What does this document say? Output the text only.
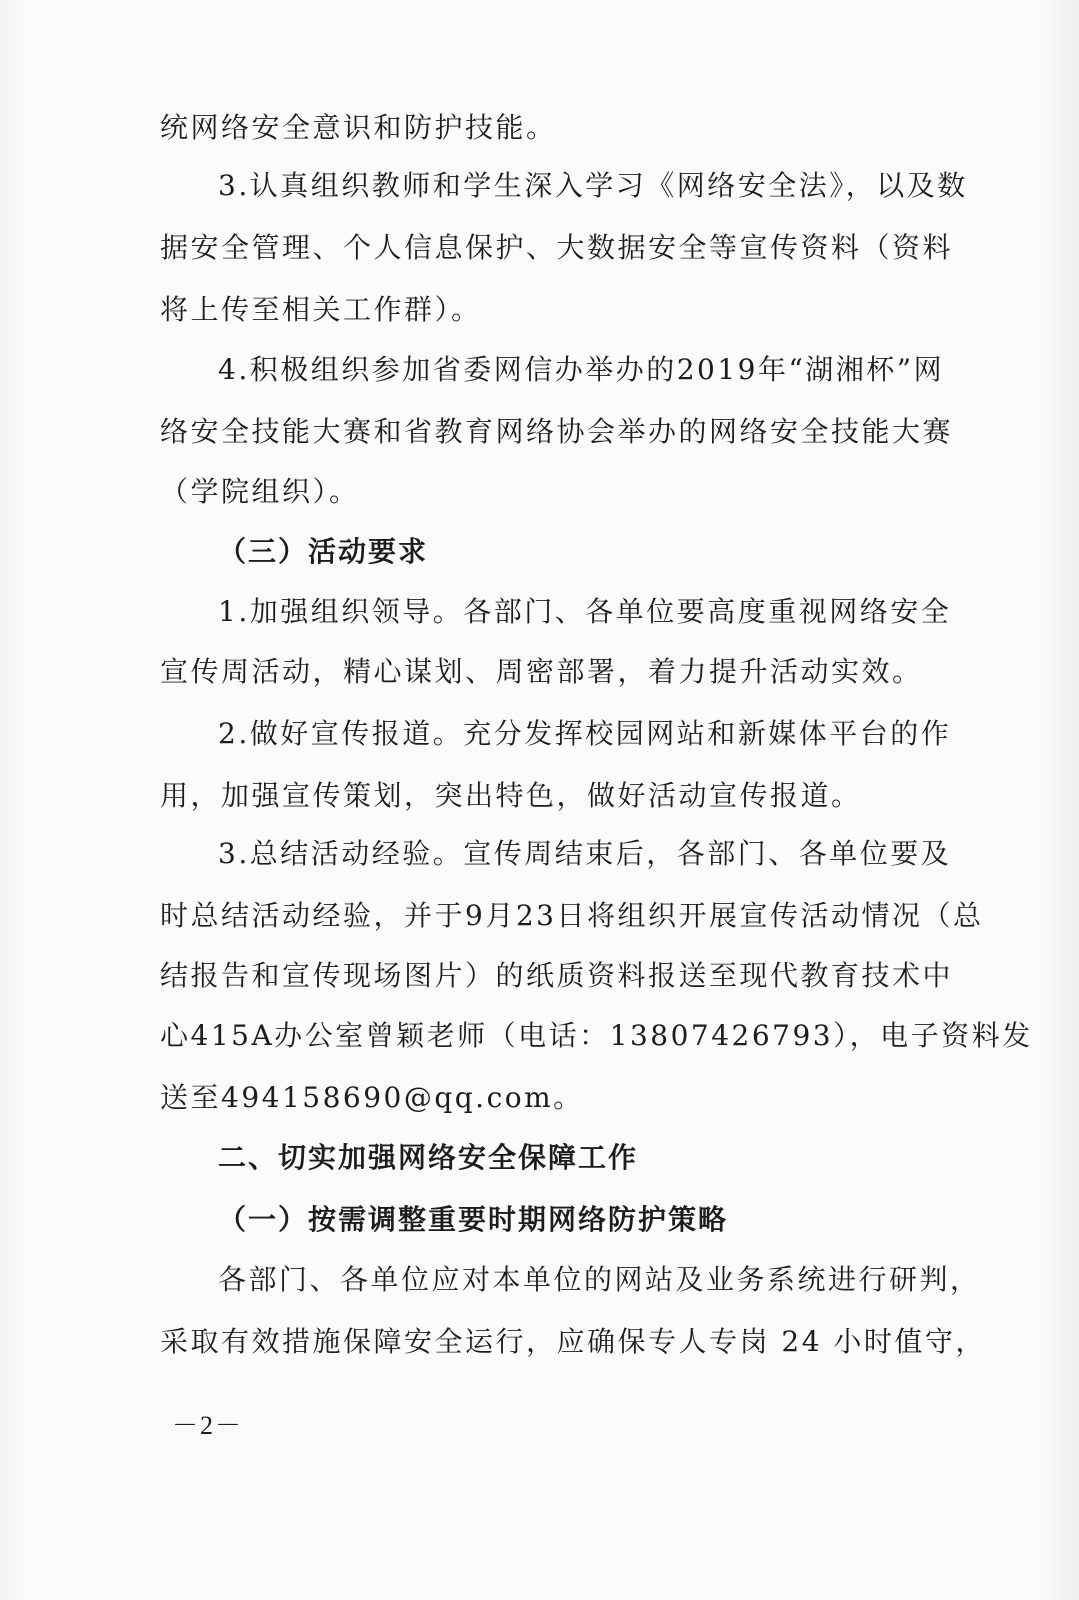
统网络安全意识和防护技能。
3.认真组织教师和学生深入学习《网络安全法》，以及数
据安全管理、个人信息保护、大数据安全等宣传资料（资料
将上传至相关工作群）。
4.积极组织参加省委网信办举办的2019年“湖湘杯”网
络安全技能大赛和省教育网络协会举办的网络安全技能大赛
（学院组织）。
（三）活动要求
1.加强组织领导。各部门、各单位要高度重视网络安全
宣传周活动，精心谋划、周密部署，着力提升活动实效。
2.做好宣传报道。充分发挥校园网站和新媒体平台的作
用，加强宣传策划，突出特色，做好活动宣传报道。
3.总结活动经验。宣传周结束后，各部门、各单位要及
时总结活动经验，并于9月23日将组织开展宣传活动情况（总
结报告和宣传现场图片）的纸质资料报送至现代教育技术中
心415A办公室曾颖老师（电话：13807426793），电子资料发
送至494158690@qq.com。
二、切实加强网络安全保障工作
（一）按需调整重要时期网络防护策略
各部门、各单位应对本单位的网站及业务系统进行研判，
采取有效措施保障安全运行，应确保专人专岗 24 小时值守，
－2－
